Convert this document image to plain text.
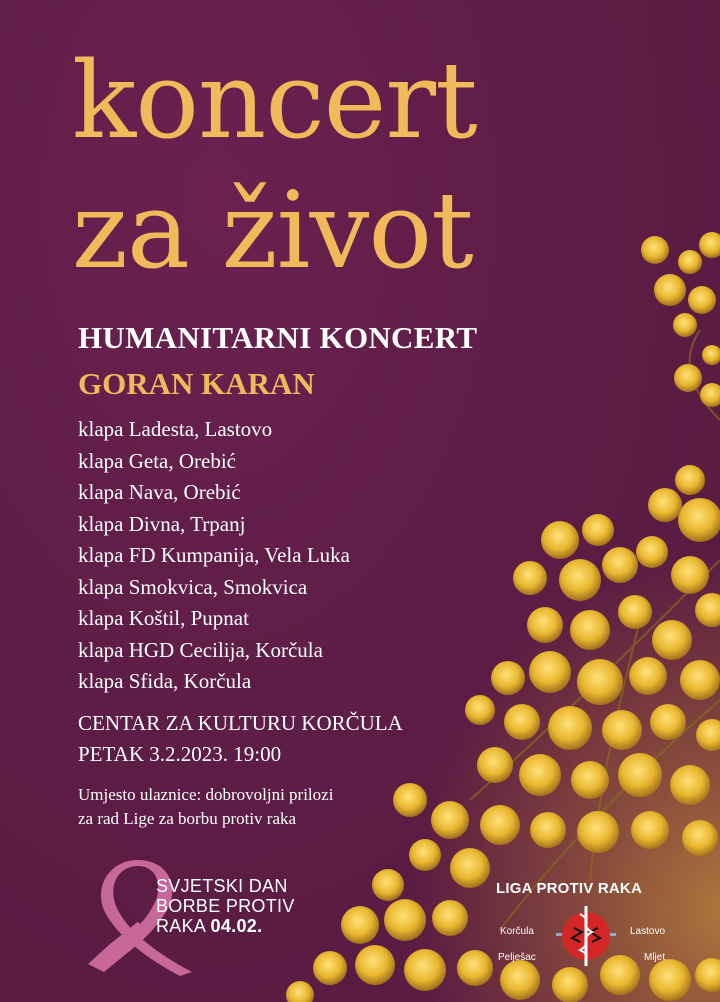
koncert
za život
HUMANITARNI KONCERT
GORAN KARAN
klapa Ladesta, Lastovo
klapa Geta, Orebić
klapa Nava, Orebić
klapa Divna, Trpanj
klapa FD Kumpanija, Vela Luka
klapa Smokvica, Smokvica
klapa Koštil, Pupnat
klapa HGD Cecilija, Korčula
klapa Sfida, Korčula
CENTAR ZA KULTURU KORČULA
PETAK 3.2.2023. 19:00
Umjesto ulaznice: dobrovoljni prilozi
za rad Lige za borbu protiv raka
SVJETSKI DAN
BORBE PROTIV
RAKA 04.02.
LIGA PROTIV RAKA
Korčula	Lastovo
Pelješac	Mljet
